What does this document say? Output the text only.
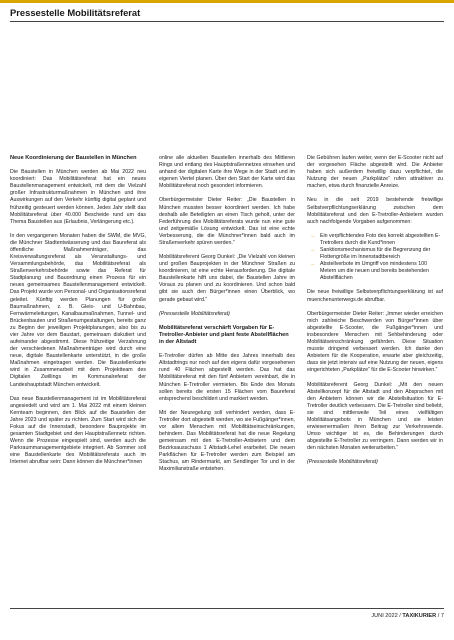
Pressestelle Mobilitätsreferat
Neue Koordinierung der Baustellen in München

Die Baustellen in München werden ab Mai 2022 neu koordiniert: Das Mobilitätsreferat hat ein neues Baustellenmanagement entwickelt, mit dem die Vielzahl großer Infrastrukturmaßnahmen in München und ihre Auswirkungen auf den Verkehr künftig digital geplant und frühzeitig gesteuert werden können. Jedes Jahr stellt das Mobilitätsreferat über 40.000 Bescheide rund um das Thema Baustellen aus (Erlaubnis, Verlängerung etc.).

In den vergangenen Monaten haben die SWM, die MVG, die Münchner Stadtentwässerung und das Baureferat als öffentliche Maßnahmenträger, das Kreisverwaltungsreferat als Veranstaltungs- und Versammlungsbehörde, das Mobilitätsreferat als Straßenverkehrsbehörde sowie das Referat für Stadtplanung und Bauordnung einen Prozess für ein neues gemeinsames Baustellenmanagement entwickelt. Das Projekt wurde von Personal- und Organisationsreferat geleitet. Künftig werden Planungen für große Baumaßnahmen, z. B. Gleis- und U-Bahnbau, Fernwärmeleitungen, Kanalbaumaßnahmen, Tunnel- und Brückenbauten und Straßenumgestaltungen, bereits ganz zu Beginn der jeweiligen Projektplanungen, also bis zu vier Jahre vor dem Baustart, gemeinsam diskutiert und aufeinander abgestimmt. Diese frühzeitige Verzahnung der verschiedenen Maßnahmenträger wird durch eine neue, digitale Baustellenkarte unterstützt, in die große Maßnahmen eingetragen werden. Die Baustellenkarte wird in Zusammenarbeit mit dem Projektteam des Digitalen Zwillings im Kommunalreferat der Landeshauptstadt München entwickelt.

Das neue Baustellenmanagement ist im Mobilitätsreferat angesiedelt und wird am 1. Mai 2022 mit einem kleinen Kernteam beginnen, den Blick auf die Baustellen der Jahre 2023 und später zu richten. Zum Start wird sich der Fokus auf die Innenstadt, besondere Bauprojekte im gesamten Stadtgebiet und den Hauptstraßennetz richten. Wenn die Prozesse eingespielt sind, werden auch die Parkraummanagementgebiete integriert. Ab Sommer soll eine Baustellenkarte des Mobilitätsreferats auch im Internet abrufbar sein: Dann können die Münchner*innen

online alle aktuellen Baustellen innerhalb des Mittleren Rings und entlang des Hauptstraßennetzes einsehen und anhand der digitalen Karte ihre Wege in der Stadt und im eigenen Viertel planen. Über den Start der Karte wird das Mobilitätsreferat noch gesondert informieren.

Oberbürgermeister Dieter Reiter: „Die Baustellen in München mussten besser koordiniert werden. Ich habe deshalb alle Beteiligten an einen Tisch geholt, unter der Federführung des Mobilitätsreferats wurde nun eine gute und zeitgemäße Lösung entwickelt. Das ist eine echte Verbesserung, die die Münchner*innen bald auch im Straßenverkehr spüren werden.“

Mobilitätsreferent Georg Dunkel: „Die Vielzahl von kleinen und großen Bauprojekten in der Münchner Straßen zu koordinieren, ist eine echte Herausforderung. Die digitale Baustellenkarte hilft uns dabei, die Baustellen Jahre im Voraus zu planen und zu koordinieren. Und schon bald gibt sie auch den Bürger*innen einen Überblick, wo gerade gebaut wird.“

(Pressestelle Mobilitätsreferat)

Mobilitätsreferat verschärft Vorgaben für E-Tretroller-Anbieter und plant feste Abstellflächen in der Altstadt

E-Tretroller dürfen ab Mitte des Jahres innerhalb des Altstadtrings nur noch auf den eigens dafür vorgesehenen rund 40 Flächen abgestellt werden. Das hat das Mobilitätsreferat mit den fünf Anbietern vereinbart, die in München E-Tretroller vermieten. Bis Ende des Monats sollen bereits die ersten 15 Flächen vom Baureferat entsprechend beschildert und markiert werden.

Mit der Neuregelung soll verhindert werden, dass E-Tretroller dort abgestellt werden, wo sie Fußgänger*innen, vor allem Menschen mit Mobilitätseinschränkungen, behindern. Das Mobilitätsreferat hat die neue Regelung gemeinsam mit den E-Tretroller-Anbietern und dem Bezirksausschuss 1 Altstadt-Lehel erarbeitet. Die neuen Parkflächen für E-Tretroller werden zum Beispiel am Stachus, am Rindermarkt, am Sendlinger Tor und in der Maximilianstraße entstehen.

Die Gebühren laufen weiter, wenn der E-Scooter nicht auf der vorgesehen Fläche abgestellt wird. Die Anbieter haben sich außerdem freiwillig dazu verpflichtet, die Nutzung der neuen „Parkplätze“ rufen attraktiver zu machen, etwa durch finanzielle Anreize.

Neu in die seit 2019 bestehende freiwillige Selbstverpflichtungserklärung zwischen dem Mobilitätsreferat und den E-Tretroller-Anbietern wurden auch nachfolgende Vorgaben aufgenommen:

→ Ein verpflichtendes Foto des korrekt abgestellten E-Tretrollers durch die Kund*innen
→ Sanktionsmechanismus für die Begrenzung der Flottengröße im Innenstadtbereich
→ Abstellverbote im Umgriff von mindestens 100 Metern um die neuen und bereits bestehenden Abstellflächen

Die neue freiwillige Selbstverpflichtungserklärung ist auf muenchenunterwegs.de abrufbar.

Oberbürgermeister Dieter Reiter: „Immer wieder erreichen mich zahlreiche Beschwerden von Bürger*innen über abgestellte E-Scooter, die Fußgänger*innen und insbesondere Menschen mit Sehbehinderung oder Mobilitätseinschränkung gefährden. Diese Situation musste dringend verbessert werden. Ich danke den Anbietern für die Kooperation, erwarte aber gleichzeitig, dass sie jetzt intensiv auf eine Nutzung der neuen, eigens eingerichteten „Parkplätze“ für die E-Scooter hinwirken.“

Mobilitätsreferent Georg Dunkel: „Mit den neuen Abstellkonzept für die Altstadt und den Absprachen mit den Anbietern können wir die Abstellsituation für E-Tretroller deutlich verbessern. Die E-Tretroller sind beliebt, sie sind mittlerweile Teil eines vielfältigen Mobilitätsangebots in München und sie leisten erwiesenermaßen ihren Beitrag zur Verkehrswende. Umso wichtiger ist es, die Behinderungen durch abgestellte E-Tretroller zu verringern. Dann werden wir in den nächsten Monaten weiterarbeiten.“

(Pressestelle Mobilitätsreferat)

JUNI 2022 / TAXIKURIER / 7
